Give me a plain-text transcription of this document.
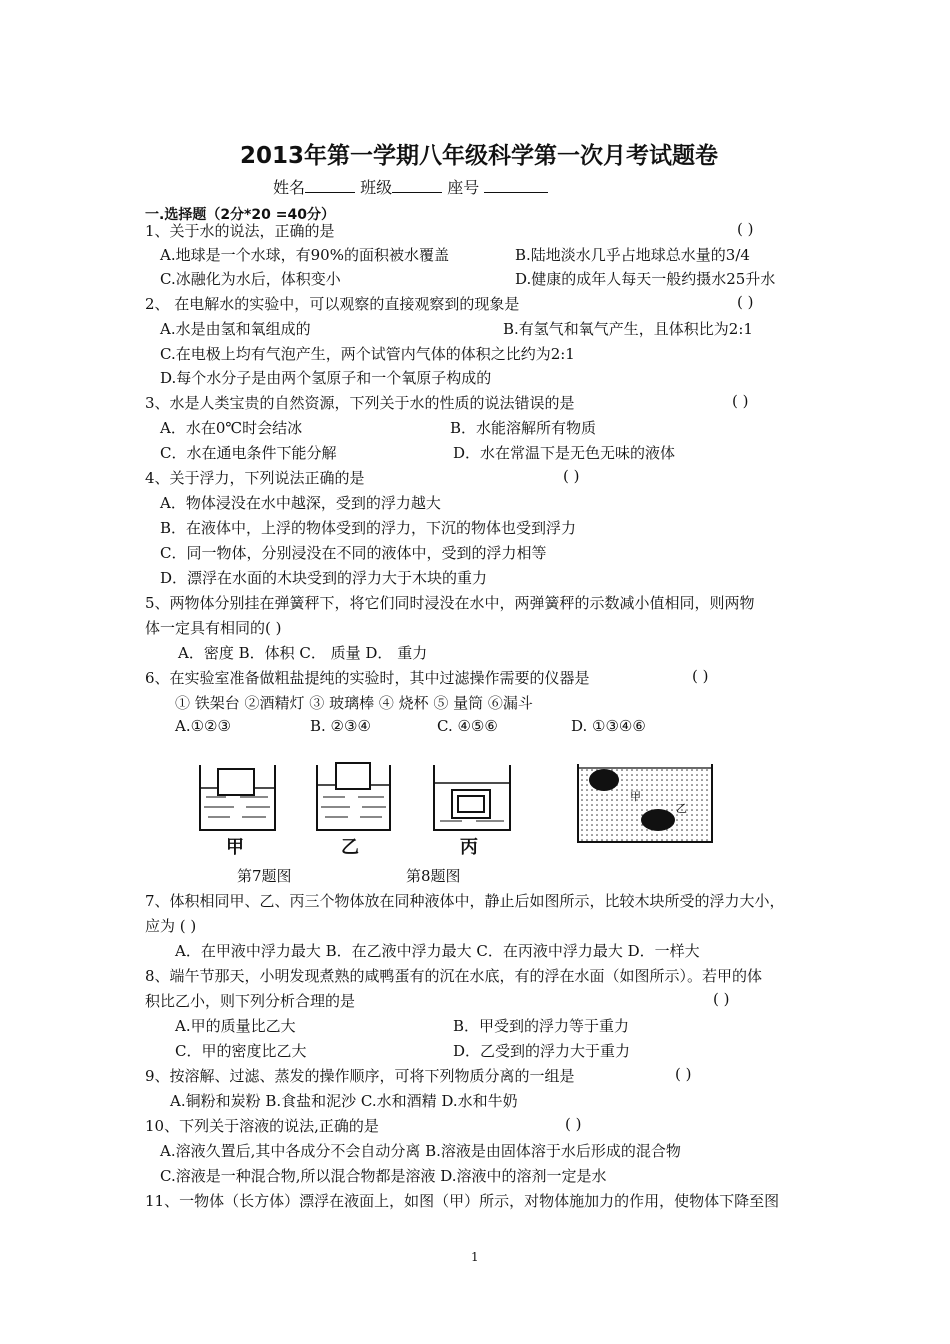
2013年第一学期八年级科学第一次月考试题卷
姓名	班级	座号
一.选择题（2分*20 =40分）
1、关于水的说法，正确的是	( )
A.地球是一个水球，有90%的面积被水覆盖	B.陆地淡水几乎占地球总水量的3/4
C.冰融化为水后，体积变小	D.健康的成年人每天一般约摄水25升水
2、 在电解水的实验中，可以观察的直接观察到的现象是	( )
A.水是由氢和氧组成的	B.有氢气和氧气产生，且体积比为2:1
C.在电极上均有气泡产生，两个试管内气体的体积之比约为2:1
D.每个水分子是由两个氢原子和一个氧原子构成的
3、水是人类宝贵的自然资源，下列关于水的性质的说法错误的是	( )
A．水在0℃时会结冰	B．水能溶解所有物质
C．水在通电条件下能分解	D．水在常温下是无色无味的液体
4、关于浮力，下列说法正确的是	( )
A．物体浸没在水中越深，受到的浮力越大
B．在液体中，上浮的物体受到的浮力，下沉的物体也受到浮力
C．同一物体，分别浸没在不同的液体中，受到的浮力相等
D．漂浮在水面的木块受到的浮力大于木块的重力
5、两物体分别挂在弹簧秤下，将它们同时浸没在水中，两弹簧秤的示数减小值相同，则两物
体一定具有相同的( )
A．密度 B．体积 C． 质量 D． 重力
6、在实验室准备做粗盐提纯的实验时，其中过滤操作需要的仪器是	( )
① 铁架台 ②酒精灯 ③ 玻璃棒 ④ 烧杯 ⑤ 量筒 ⑥漏斗
A.①②③	B. ②③④	C. ④⑤⑥	D. ①③④⑥
第7题图	第8题图
7、体积相同甲、乙、丙三个物体放在同种液体中，静止后如图所示，比较木块所受的浮力大小，
应为 ( )
A．在甲液中浮力最大 B．在乙液中浮力最大 C．在丙液中浮力最大 D．一样大
8、端午节那天，小明发现煮熟的咸鸭蛋有的沉在水底，有的浮在水面（如图所示）。若甲的体
积比乙小，则下列分析合理的是	( )
A.甲的质量比乙大	B．甲受到的浮力等于重力
C．甲的密度比乙大	D．乙受到的浮力大于重力
9、按溶解、过滤、蒸发的操作顺序，可将下列物质分离的一组是	( )
A.铜粉和炭粉 B.食盐和泥沙 C.水和酒精 D.水和牛奶
10、下列关于溶液的说法,正确的是	( )
A.溶液久置后,其中各成分不会自动分离 B.溶液是由固体溶于水后形成的混合物
C.溶液是一种混合物,所以混合物都是溶液 D.溶液中的溶剂一定是水
11、一物体（长方体）漂浮在液面上，如图（甲）所示，对物体施加力的作用，使物体下降至图
甲	乙	丙
甲
乙
1
